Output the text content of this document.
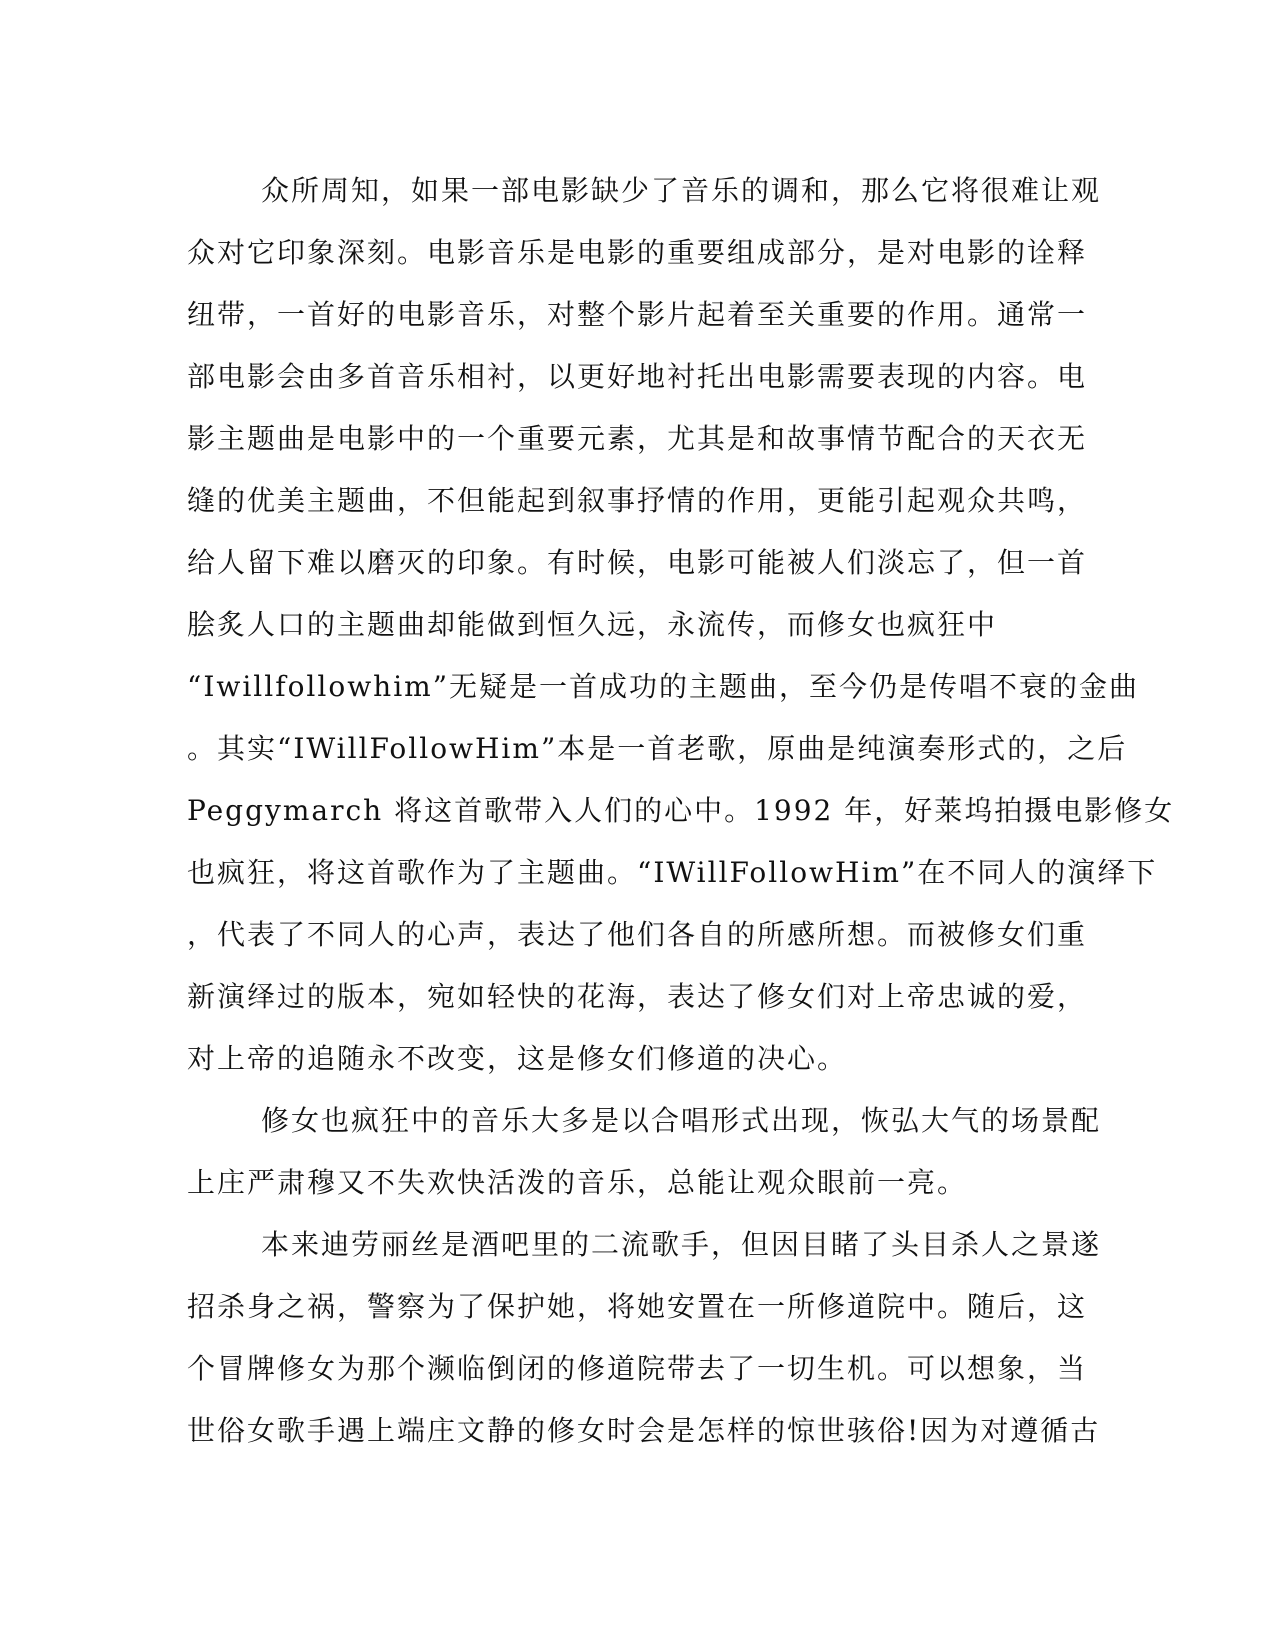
众所周知，如果一部电影缺少了音乐的调和，那么它将很难让观
众对它印象深刻。电影音乐是电影的重要组成部分，是对电影的诠释
纽带，一首好的电影音乐，对整个影片起着至关重要的作用。通常一
部电影会由多首音乐相衬，以更好地衬托出电影需要表现的内容。电
影主题曲是电影中的一个重要元素，尤其是和故事情节配合的天衣无
缝的优美主题曲，不但能起到叙事抒情的作用，更能引起观众共鸣，
给人留下难以磨灭的印象。有时候，电影可能被人们淡忘了，但一首
脍炙人口的主题曲却能做到恒久远，永流传，而修女也疯狂中
“Iwillfollowhim”无疑是一首成功的主题曲，至今仍是传唱不衰的金曲
。其实“IWillFollowHim”本是一首老歌，原曲是纯演奏形式的，之后
Peggymarch 将这首歌带入人们的心中。1992 年，好莱坞拍摄电影修女
也疯狂，将这首歌作为了主题曲。“IWillFollowHim”在不同人的演绎下
，代表了不同人的心声，表达了他们各自的所感所想。而被修女们重
新演绎过的版本，宛如轻快的花海，表达了修女们对上帝忠诚的爱，
对上帝的追随永不改变，这是修女们修道的决心。
修女也疯狂中的音乐大多是以合唱形式出现，恢弘大气的场景配
上庄严肃穆又不失欢快活泼的音乐，总能让观众眼前一亮。
本来迪劳丽丝是酒吧里的二流歌手，但因目睹了头目杀人之景遂
招杀身之祸，警察为了保护她，将她安置在一所修道院中。随后，这
个冒牌修女为那个濒临倒闭的修道院带去了一切生机。可以想象，当
世俗女歌手遇上端庄文静的修女时会是怎样的惊世骇俗!因为对遵循古
